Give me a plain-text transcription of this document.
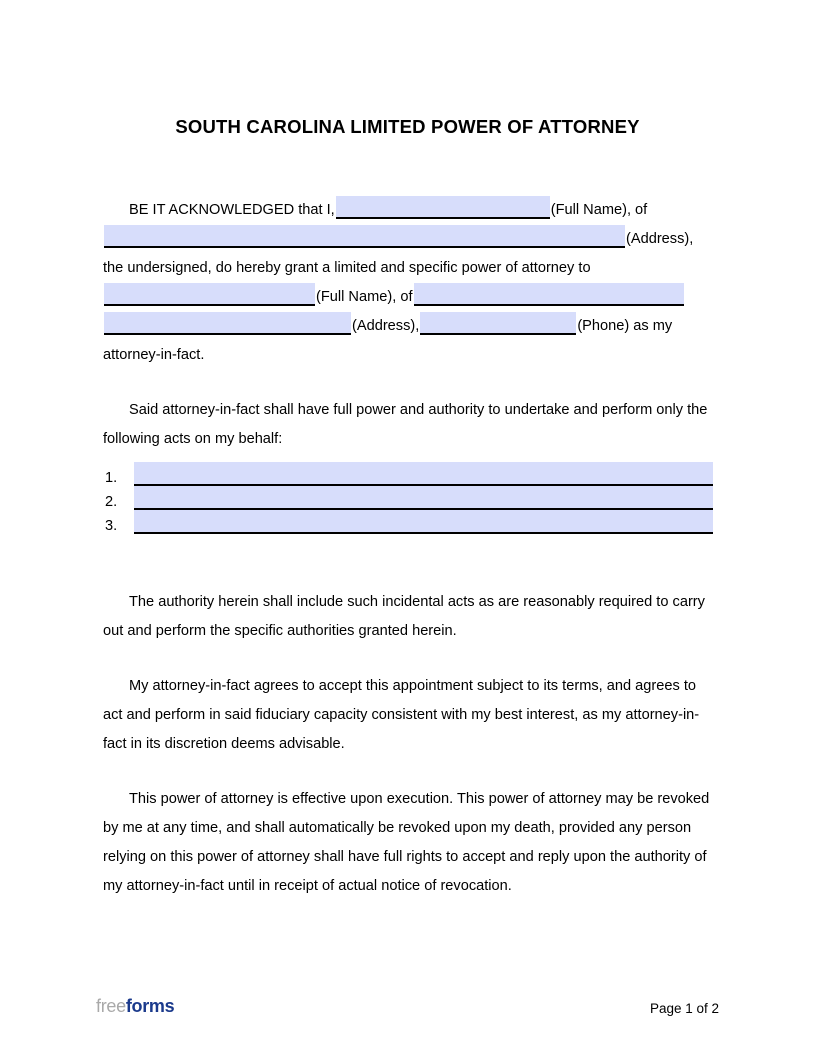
SOUTH CAROLINA LIMITED POWER OF ATTORNEY
BE IT ACKNOWLEDGED that I,	(Full Name), of
(Address),
the undersigned, do hereby grant a limited and specific power of attorney to
(Full Name), of
(Address),	(Phone) as my
attorney-in-fact.

Said attorney-in-fact shall have full power and authority to undertake and perform only the following acts on my behalf:

1.
2.
3.

The authority herein shall include such incidental acts as are reasonably required to carry out and perform the specific authorities granted herein.

My attorney-in-fact agrees to accept this appointment subject to its terms, and agrees to act and perform in said fiduciary capacity consistent with my best interest, as my attorney-in-fact in its discretion deems advisable.

This power of attorney is effective upon execution. This power of attorney may be revoked by me at any time, and shall automatically be revoked upon my death, provided any person relying on this power of attorney shall have full rights to accept and reply upon the authority of my attorney-in-fact until in receipt of actual notice of revocation.

freeforms	Page 1 of 2
